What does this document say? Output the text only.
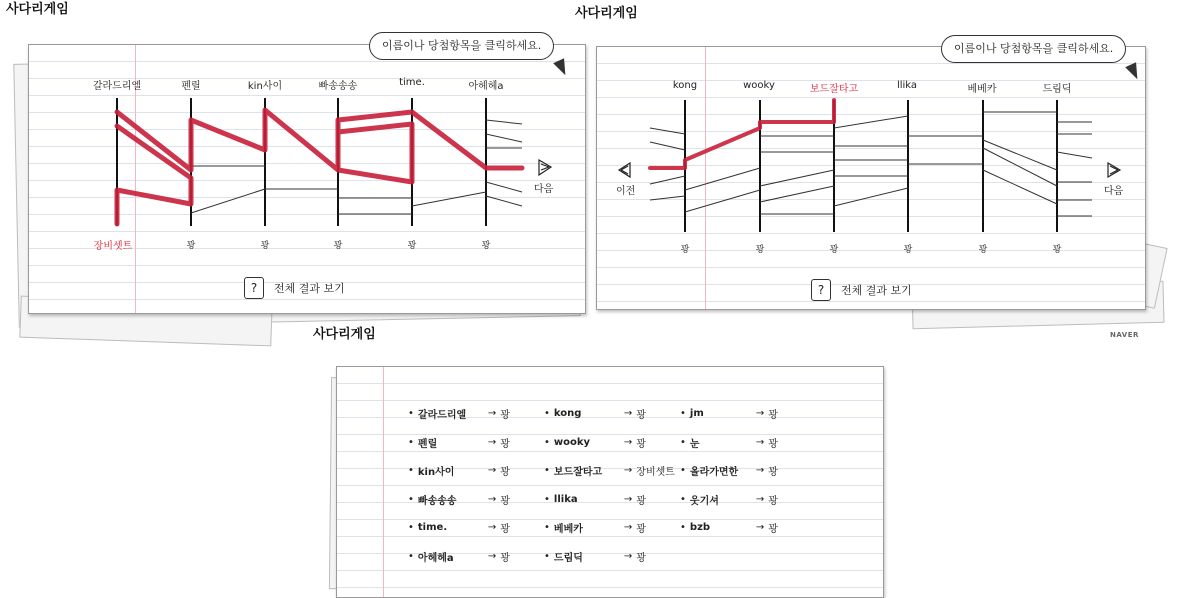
사다리게임
이름이나 당첨항목을 클릭하세요.
갈라드리엘	펜릴	kin사이	빠송송송	time.	아헤헤a
다음
장비셋트	꽝	꽝	꽝	꽝	꽝
?	전체 결과 보기
사다리게임
이름이나 당첨항목을 클릭하세요.
kong	wooky	보드잘타고	llika	베베카	드림딕
이전	다음
꽝	꽝	꽝	꽝	꽝	꽝
?	전체 결과 보기
NAVER
사다리게임
• 갈라드리엘	→ 꽝
• 펜릴	→ 꽝
• kin사이	→ 꽝
• 빠송송송	→ 꽝
• time.	→ 꽝
• 아헤헤a	→ 꽝
• kong	→ 꽝
• wooky	→ 꽝
• 보드잘타고	→ 장비셋트
• llika	→ 꽝
• 베베카	→ 꽝
• 드림딕	→ 꽝
• jm	→ 꽝
• 눈	→ 꽝
• 올라가면한	→ 꽝
• 웃기셔	→ 꽝
• bzb	→ 꽝
